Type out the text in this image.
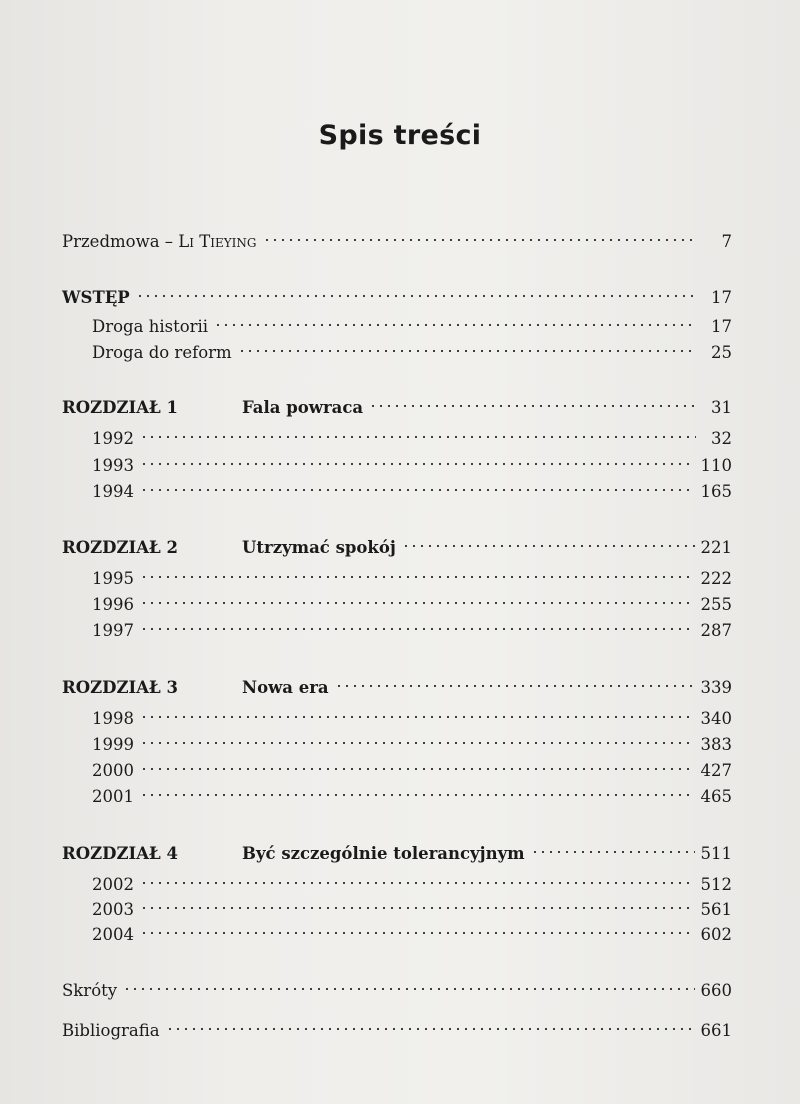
Spis treści
Przedmowa – Li Tieying	7
WSTĘP	17
Droga historii	17
Droga do reform	25
ROZDZIAŁ 1	Fala powraca	31
1992	32
1993	110
1994	165
ROZDZIAŁ 2	Utrzymać spokój	221
1995	222
1996	255
1997	287
ROZDZIAŁ 3	Nowa era	339
1998	340
1999	383
2000	427
2001	465
ROZDZIAŁ 4	Być szczególnie tolerancyjnym	511
2002	512
2003	561
2004	602
Skróty	660
Bibliografia	661
